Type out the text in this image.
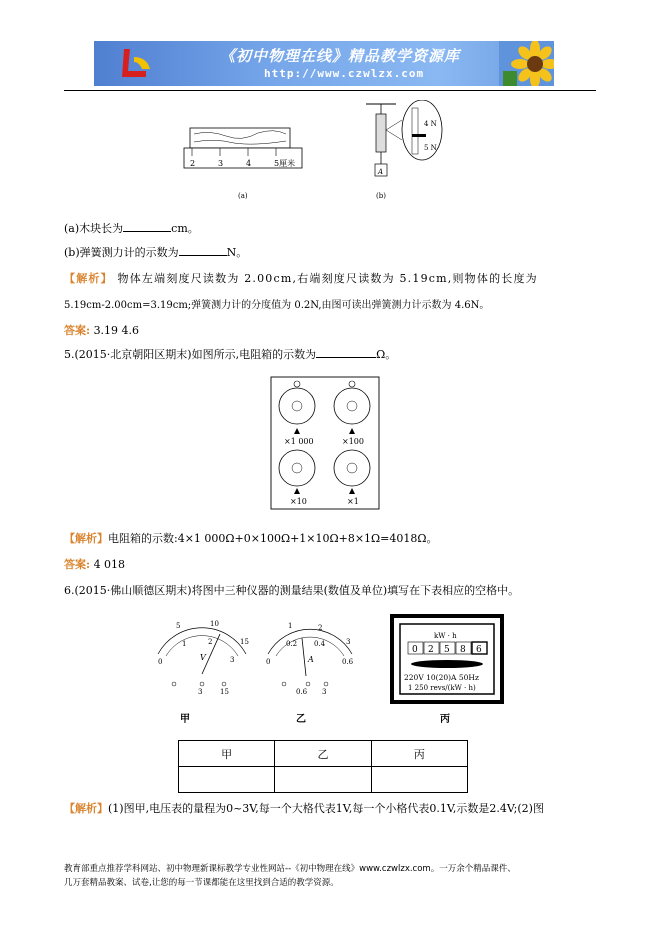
《初中物理在线》精品教学资源库
http://www.czwlzx.com
2	3	4	5厘米
(a)
4 N
5 N
A
(b)
(a)木块长为	cm。
(b)弹簧测力计的示数为	N。
【解析】 物体左端刻度尺读数为 2.00cm,右端刻度尺读数为 5.19cm,则物体的长度为
5.19cm-2.00cm=3.19cm;弹簧测力计的分度值为 0.2N,由图可读出弹簧测力计示数为 4.6N。
答案: 3.19 4.6
5.(2015·北京朝阳区期末)如图所示,电阻箱的示数为	Ω。
×1 000	×100
×10	×1
【解析】电阻箱的示数:4×1 000Ω+0×100Ω+1×10Ω+8×1Ω=4018Ω。
答案: 4 018
6.(2015·佛山顺德区期末)将图中三种仪器的测量结果(数值及单位)填写在下表相应的空格中。
5	10
15
0
1	2
3
V
3	15
1	2
3
0
0.2 0.4
0.6
A
0.6 3
kW · h
0 2 5 8 6
220V 10(20)A 50Hz
1 250 revs/(kW · h)
甲	乙	丙
甲	乙	丙

【解析】(1)图甲,电压表的量程为0~3V,每一个大格代表1V,每一个小格代表0.1V,示数是2.4V;(2)图
教育部重点推荐学科网站、初中物理新课标教学专业性网站--《初中物理在线》www.czwlzx.com。一万余个精品课件、
几万套精品教案、试卷,让您的每一节课都能在这里找到合适的教学资源。
